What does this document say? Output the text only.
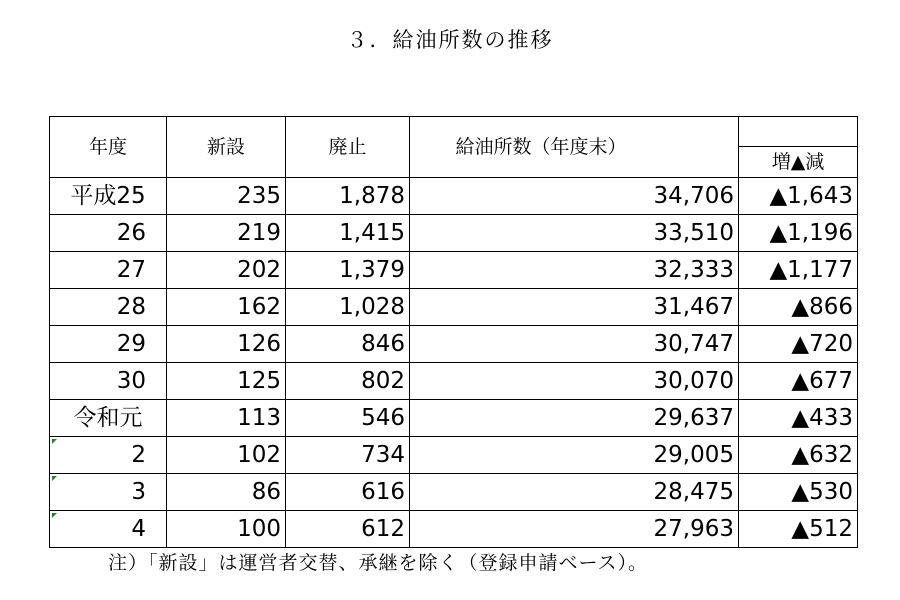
３．給油所数の推移
年度	新設	廃止	給油所数（年度末）	増▲減

平成25	235	1,878	34,706	▲1,643
26	219	1,415	33,510	▲1,196
27	202	1,379	32,333	▲1,177
28	162	1,028	31,467	▲866
29	126	846	30,747	▲720
30	125	802	30,070	▲677
令和元	113	546	29,637	▲433
2	102	734	29,005	▲632
3	86	616	28,475	▲530
4	100	612	27,963	▲512
注）「新設」は運営者交替、承継を除く（登録申請ベース）。
